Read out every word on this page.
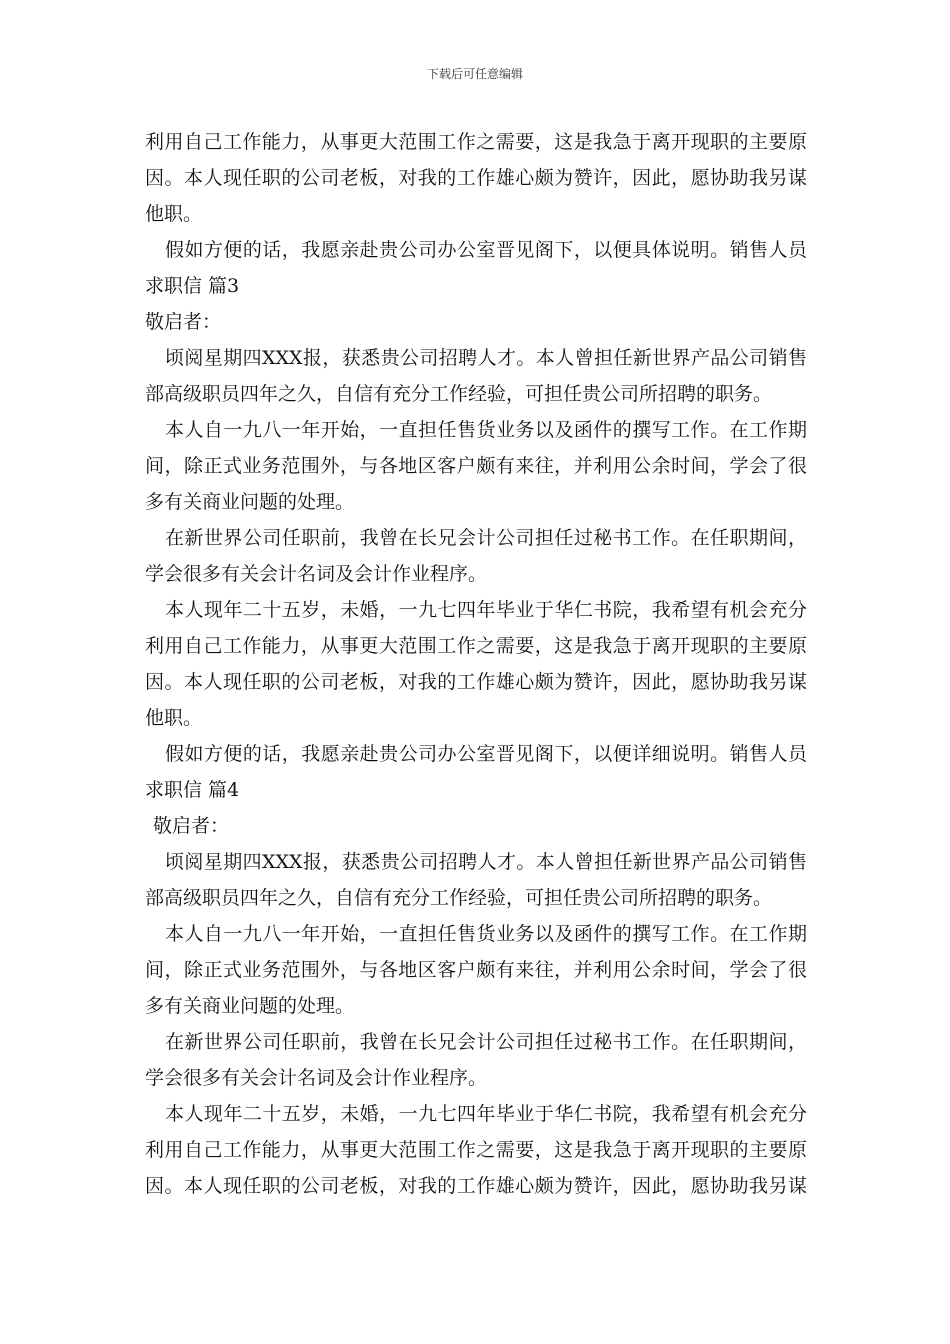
下载后可任意编辑
利用自己工作能力，从事更大范围工作之需要，这是我急于离开现职的主要原
因。本人现任职的公司老板，对我的工作雄心颇为赞许，因此，愿协助我另谋
他职。
假如方便的话，我愿亲赴贵公司办公室晋见阁下，以便具体说明。销售人员
求职信 篇3
敬启者：
顷阅星期四XXX报，获悉贵公司招聘人才。本人曾担任新世界产品公司销售
部高级职员四年之久，自信有充分工作经验，可担任贵公司所招聘的职务。
本人自一九八一年开始，一直担任售货业务以及函件的撰写工作。在工作期
间，除正式业务范围外，与各地区客户颇有来往，并利用公余时间，学会了很
多有关商业问题的处理。
在新世界公司任职前，我曾在长兄会计公司担任过秘书工作。在任职期间，
学会很多有关会计名词及会计作业程序。
本人现年二十五岁，未婚，一九七四年毕业于华仁书院，我希望有机会充分
利用自己工作能力，从事更大范围工作之需要，这是我急于离开现职的主要原
因。本人现任职的公司老板，对我的工作雄心颇为赞许，因此，愿协助我另谋
他职。
假如方便的话，我愿亲赴贵公司办公室晋见阁下，以便详细说明。销售人员
求职信 篇4
敬启者：
顷阅星期四XXX报，获悉贵公司招聘人才。本人曾担任新世界产品公司销售
部高级职员四年之久，自信有充分工作经验，可担任贵公司所招聘的职务。
本人自一九八一年开始，一直担任售货业务以及函件的撰写工作。在工作期
间，除正式业务范围外，与各地区客户颇有来往，并利用公余时间，学会了很
多有关商业问题的处理。
在新世界公司任职前，我曾在长兄会计公司担任过秘书工作。在任职期间，
学会很多有关会计名词及会计作业程序。
本人现年二十五岁，未婚，一九七四年毕业于华仁书院，我希望有机会充分
利用自己工作能力，从事更大范围工作之需要，这是我急于离开现职的主要原
因。本人现任职的公司老板，对我的工作雄心颇为赞许，因此，愿协助我另谋
